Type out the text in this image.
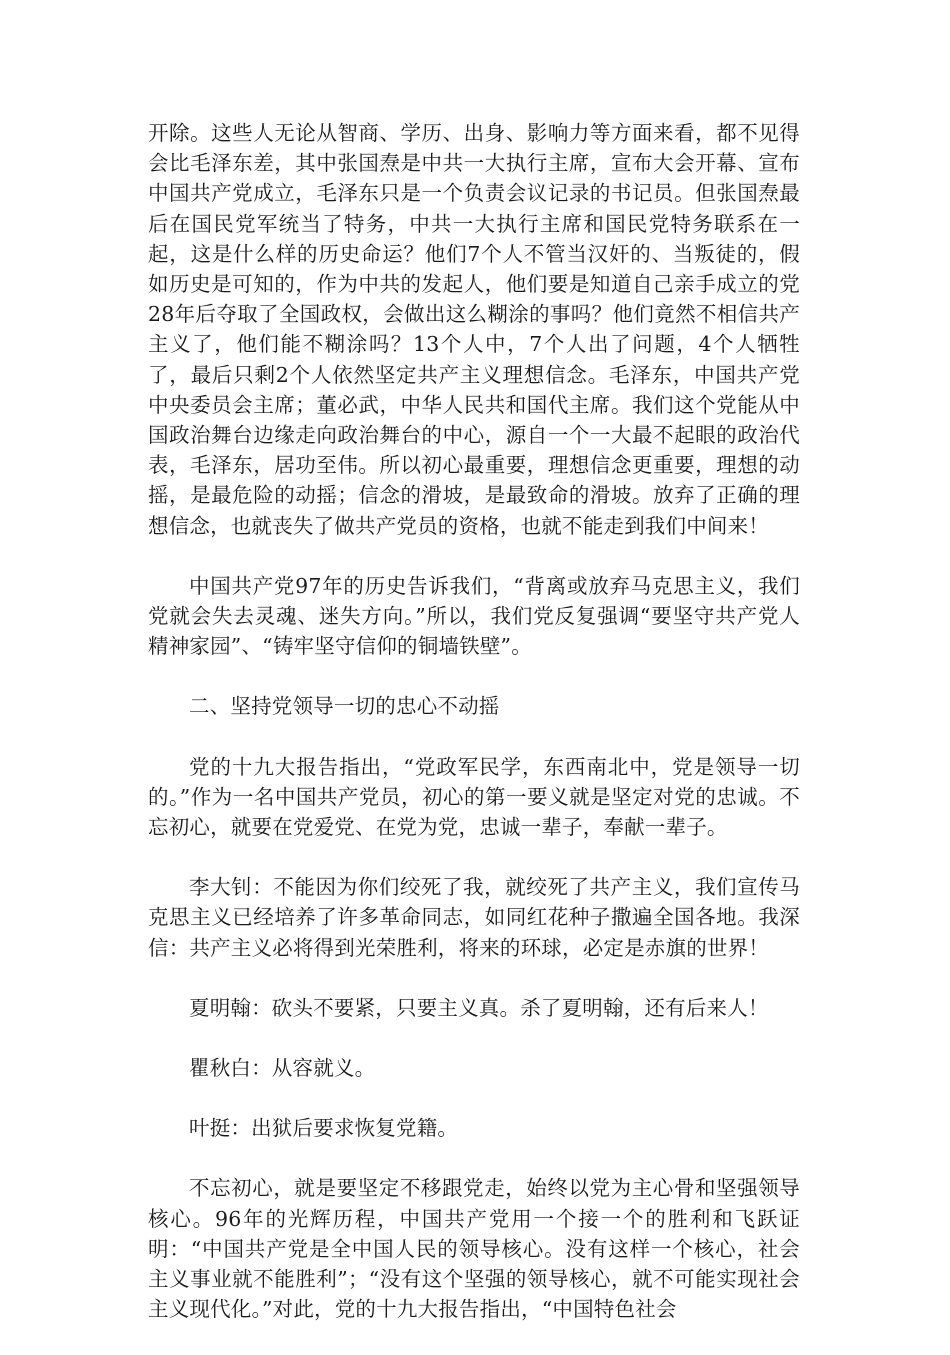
开除。这些人无论从智商、学历、出身、影响力等方面来看，都不见得会比毛泽东差，其中张国焘是中共一大执行主席，宣布大会开幕、宣布中国共产党成立，毛泽东只是一个负责会议记录的书记员。但张国焘最后在国民党军统当了特务，中共一大执行主席和国民党特务联系在一起，这是什么样的历史命运？他们7个人不管当汉奸的、当叛徒的，假如历史是可知的，作为中共的发起人，他们要是知道自己亲手成立的党28年后夺取了全国政权，会做出这么糊涂的事吗？他们竟然不相信共产主义了，他们能不糊涂吗？13个人中，7个人出了问题，4个人牺牲了，最后只剩2个人依然坚定共产主义理想信念。毛泽东，中国共产党中央委员会主席；董必武，中华人民共和国代主席。我们这个党能从中国政治舞台边缘走向政治舞台的中心，源自一个一大最不起眼的政治代表，毛泽东，居功至伟。所以初心最重要，理想信念更重要，理想的动摇，是最危险的动摇；信念的滑坡，是最致命的滑坡。放弃了正确的理想信念，也就丧失了做共产党员的资格，也就不能走到我们中间来！

中国共产党97年的历史告诉我们，“背离或放弃马克思主义，我们党就会失去灵魂、迷失方向。”所以，我们党反复强调“要坚守共产党人精神家园”、“铸牢坚守信仰的铜墙铁壁”。

二、坚持党领导一切的忠心不动摇

党的十九大报告指出，“党政军民学，东西南北中，党是领导一切的。”作为一名中国共产党员，初心的第一要义就是坚定对党的忠诚。不忘初心，就要在党爱党、在党为党，忠诚一辈子，奉献一辈子。

李大钊：不能因为你们绞死了我，就绞死了共产主义，我们宣传马克思主义已经培养了许多革命同志，如同红花种子撒遍全国各地。我深信：共产主义必将得到光荣胜利，将来的环球，必定是赤旗的世界！

夏明翰：砍头不要紧，只要主义真。杀了夏明翰，还有后来人！

瞿秋白：从容就义。

叶挺：出狱后要求恢复党籍。

不忘初心，就是要坚定不移跟党走，始终以党为主心骨和坚强领导核心。96年的光辉历程，中国共产党用一个接一个的胜利和飞跃证明：“中国共产党是全中国人民的领导核心。没有这样一个核心，社会主义事业就不能胜利”；“没有这个坚强的领导核心，就不可能实现社会主义现代化。”对此，党的十九大报告指出，“中国特色社会
